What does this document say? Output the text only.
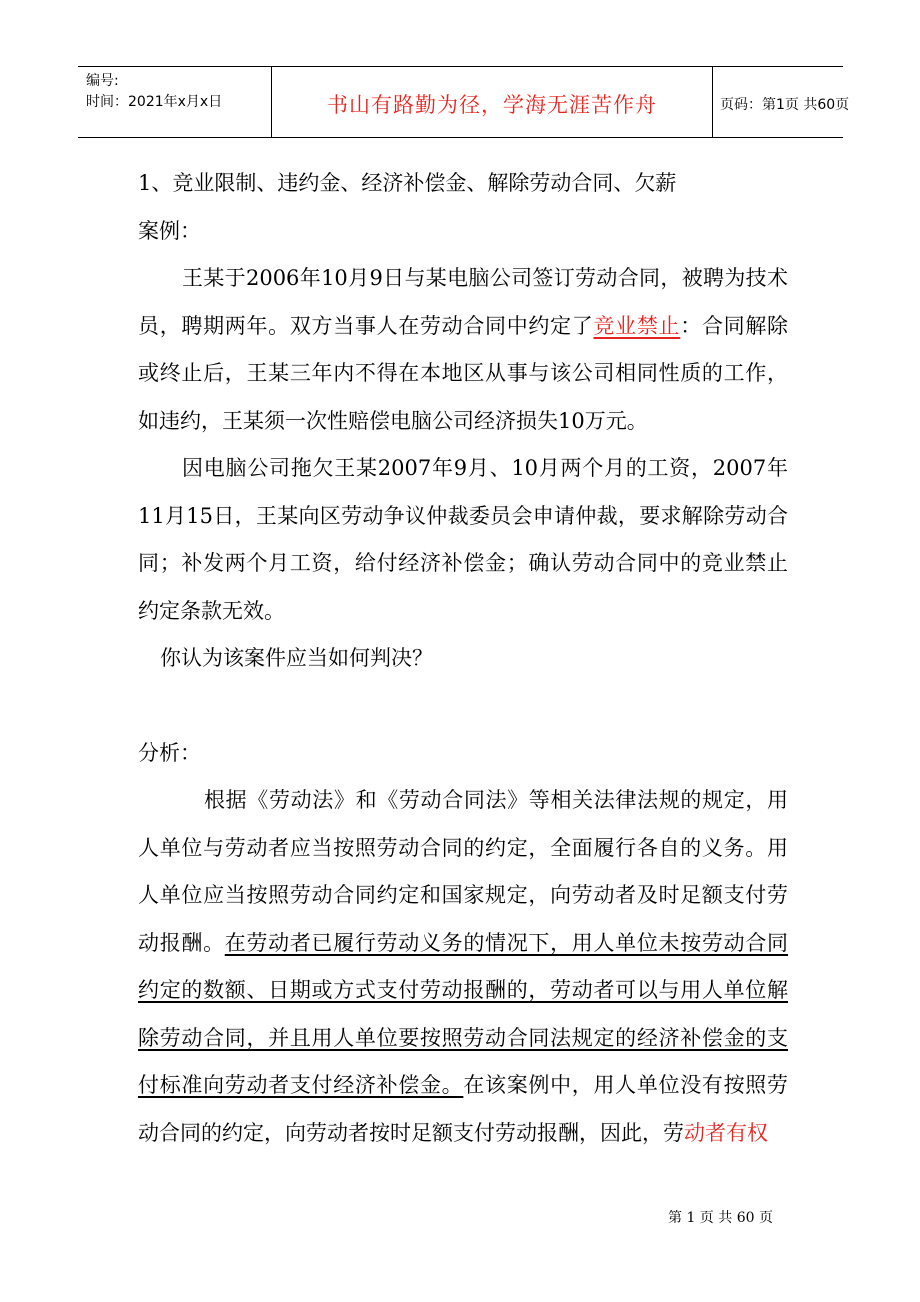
编号:
时间：2021年x月x日	书山有路勤为径，学海无涯苦作舟	页码：第1页 共60页

1、竞业限制、违约金、经济补偿金、解除劳动合同、欠薪

案例：

王某于2006年10月9日与某电脑公司签订劳动合同，被聘为技术员，聘期两年。双方当事人在劳动合同中约定了竞业禁止：合同解除或终止后，王某三年内不得在本地区从事与该公司相同性质的工作，如违约，王某须一次性赔偿电脑公司经济损失10万元。

因电脑公司拖欠王某2007年9月、10月两个月的工资，2007年11月15日，王某向区劳动争议仲裁委员会申请仲裁，要求解除劳动合同；补发两个月工资，给付经济补偿金；确认劳动合同中的竞业禁止约定条款无效。

你认为该案件应当如何判决？

分析：

根据《劳动法》和《劳动合同法》等相关法律法规的规定，用人单位与劳动者应当按照劳动合同的约定，全面履行各自的义务。用人单位应当按照劳动合同约定和国家规定，向劳动者及时足额支付劳动报酬。在劳动者已履行劳动义务的情况下，用人单位未按劳动合同约定的数额、日期或方式支付劳动报酬的，劳动者可以与用人单位解除劳动合同，并且用人单位要按照劳动合同法规定的经济补偿金的支付标准向劳动者支付经济补偿金。在该案例中，用人单位没有按照劳动合同的约定，向劳动者按时足额支付劳动报酬，因此，劳动者有权

第 1 页 共 60 页
